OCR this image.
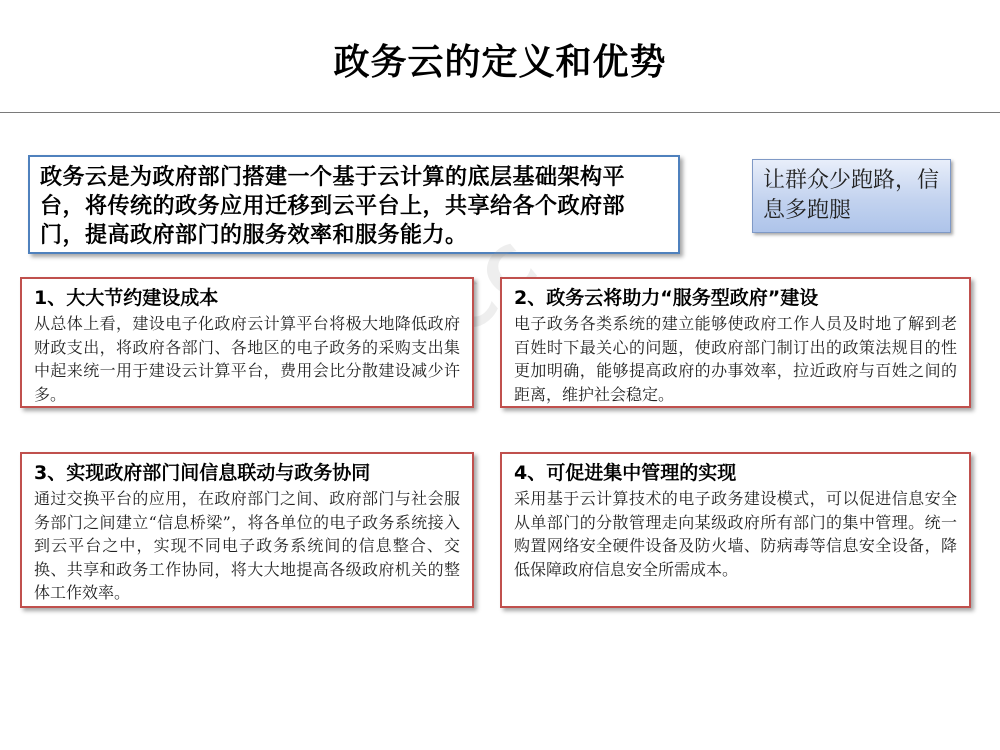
政务云的定义和优势
政务云是为政府部门搭建一个基于云计算的底层基础架构平台，将传统的政务应用迁移到云平台上，共享给各个政府部门，提高政府部门的服务效率和服务能力。
让群众少跑路，信息多跑腿
1、大大节约建设成本
从总体上看，建设电子化政府云计算平台将极大地降低政府财政支出，将政府各部门、各地区的电子政务的采购支出集中起来统一用于建设云计算平台，费用会比分散建设减少许多。
2、政务云将助力“服务型政府”建设
电子政务各类系统的建立能够使政府工作人员及时地了解到老百姓时下最关心的问题，使政府部门制订出的政策法规目的性更加明确，能够提高政府的办事效率，拉近政府与百姓之间的距离，维护社会稳定。
3、实现政府部门间信息联动与政务协同
通过交换平台的应用，在政府部门之间、政府部门与社会服务部门之间建立“信息桥梁”，将各单位的电子政务系统接入到云平台之中，实现不同电子政务系统间的信息整合、交换、共享和政务工作协同，将大大地提高各级政府机关的整体工作效率。
4、可促进集中管理的实现
采用基于云计算技术的电子政务建设模式，可以促进信息安全从单部门的分散管理走向某级政府所有部门的集中管理。统一购置网络安全硬件设备及防火墙、防病毒等信息安全设备，降低保障政府信息安全所需成本。
